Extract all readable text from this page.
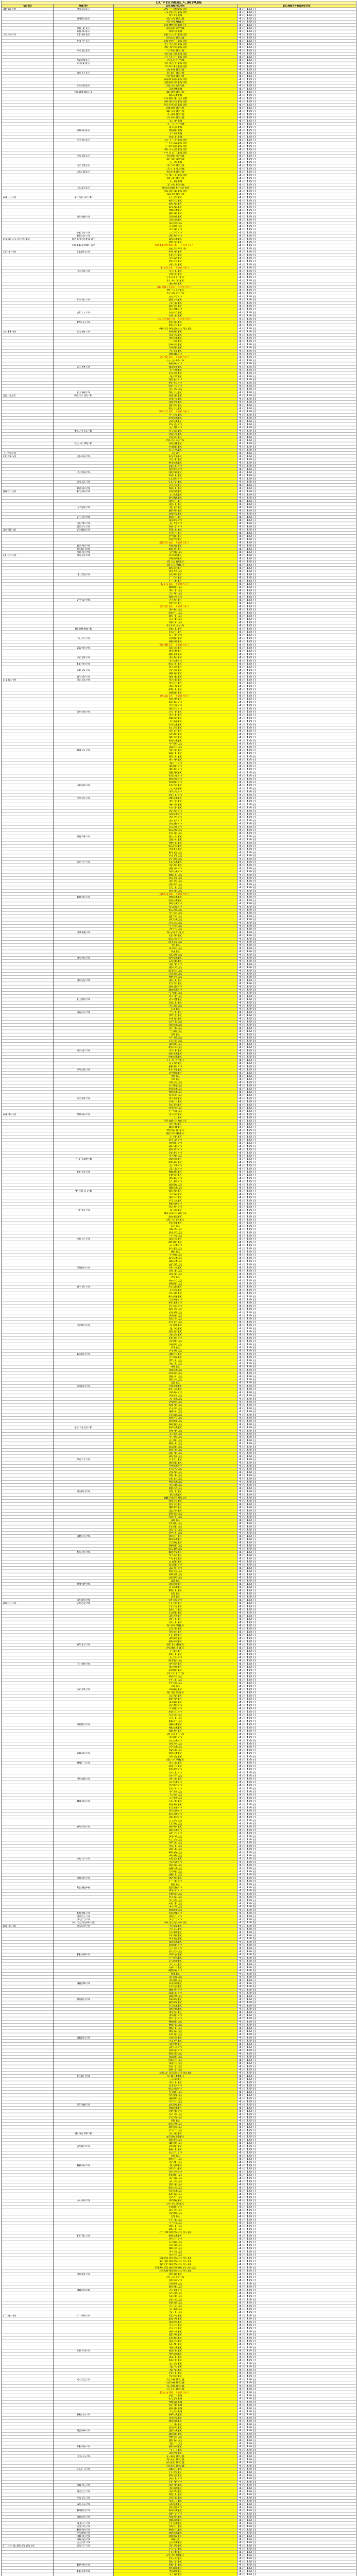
以下区域进入高风险			
省份	城市	区域名称	区域开始时间
北京市	海淀区	西三旗街道	4月18日
		马连洼街道	4月18日
		东升镇	4月18日
	朝阳区	安贞街道	4月18日
		常营地区	4月18日
		南磨房地区	4月18日
	顺义区	高丽营镇	4月18日
	通州区	梨园镇	4月18日
天津市	红桥区	邵公庄街道	4月18日
		西沽街道	4月18日
	和平区	南营门街道	4月18日
		五大道街道	4月18日
		劝业场街道	4月18日
	河北区	宁园街道	4月18日
		光复道街道	4月18日
		月牙河街道	4月18日
	静海区	大邱庄镇	4月18日
	东丽区	张贵庄街道	4月18日
		丰年村街道	4月18日
		金桥街道	4月18日
	南开区	长虹街道	4月18日
		学府街道	4月18日
		向阳路街道	4月18日
		嘉陵道街道	4月18日
	津南区	咸水沽镇	4月18日
		双港镇	4月18日
	滨海新区	新港街道	4月18日
		新城镇	4月18日
		中新生态城	4月18日
		胡家园街道	4月18日
		杭州道街道	4月18日
		海滨街道	4月18日
		新河街道	4月18日
		大港街道	4月18日
		古林街道	4月18日
		太平镇	4月18日
		小王庄镇	4月18日
		中塘镇	4月18日
	蓟州区	渔阳镇	4月18日
		下营镇	4月18日
		别山镇	4月18日
	河东区	大王庄街道	4月18日
		二号桥街道	4月18日
		上杭路街道	4月18日
		鲁山道街道	4月18日
		中山门街道	4月18日
	西青区	杨柳青镇	4月18日
		张家窝镇	4月18日
		大寺镇	4月18日
	宝坻区	宝平街道	4月18日
		大口屯镇	4月18日
	武清区	杨村街道	4月18日
		下朱庄街道	4月18日
		黄庄街道	4月18日
		大良镇	4月18日
		王庆坨镇	4月18日
	北辰区	果园新村街道	4月18日
		集贤里街道	4月18日
		瑞景街道	4月18日
河北省	石家庄市	长安区	4月18日
		桥西区	4月18日
		新华区	4月18日
		裕华区	4月18日
		藁城区	4月18日
		鹿泉区	4月18日
	承德市	双桥区	4月18日
		双滦区	4月18日
		承德县	4月18日
		兴隆县	4月18日
		平泉市	4月18日
	廊坊市	三河市	4月18日
	保定市	涿州市	4月18日
内蒙古自治区	呼和浩特市	新城区	4月18日
		赛罕区	4月18日
	锡林郭勒盟	锡林浩特市（部分）	4月18日
		二连浩特市	4月18日
辽宁省	沈阳市	和平区	4月18日
		沈河区	4月18日
		皇姑区	4月18日
		铁西区	4月18日
		浑南区	4月18日
		于洪区（部分）	4月18日
	大连市	中山区	4月18日
		西岗区	4月18日
		沙河口区	4月18日
		甘井子区	4月18日
		金州区	4月18日
		旅顺口区（部分）	4月18日
		普兰店区	4月18日
		瓦房店市	4月18日
		庄河市	4月18日
	丹东市	振兴区	4月18日
		元宝区	4月18日
		振安区	4月18日
		东港市	4月18日
	营口市	站前区	4月18日
		西市区	4月18日
		大石桥市（部分）	4月18日
	鞍山市	铁东区	4月18日
		铁西区	4月18日
		岫岩满族自治县	4月18日
吉林省	长春市	朝阳区	4月18日
		南关区	4月18日
		宽城区	4月18日
		二道区	4月18日
		绿园区	4月18日
		双阳区	4月18日
		九台区	4月18日
		德惠市	4月18日
		农安县（部分）	4月18日
		公主岭市	4月18日
		榆树市	4月18日
	吉林市	船营区	4月18日
		丰满区	4月18日
		昌邑区	4月18日
		龙潭区	4月18日
		磐石市	4月18日
		桦甸市	4月18日
		舒兰市	4月18日
		永吉县	4月18日
	白城市	洮北区	4月18日
黑龙江	哈尔滨市	道里区	4月18日
		南岗区	4月18日
		道外区	4月18日
		香坊区	4月18日
		松北区	4月18日
		呼兰区（部分）	4月18日
		平房区	4月18日
		阿城区	4月18日
		双城区	4月18日
		尚志市	4月18日
		五常市	4月18日
	牡丹江市	东安区	4月18日
		爱民区	4月18日
		西安区	4月18日
		绥芬河市	4月18日
	佳木斯市	前进区	4月18日
		向阳区	4月18日
		东风区	4月18日
上海市		全市	4月18日
江苏省	苏州市	姑苏区	4月18日
		吴中区	4月18日
		相城区	4月18日
		昆山市	4月18日
		常熟市	4月18日
	无锡市	梁溪区	4月18日
		锡山区	4月18日
		江阴市	4月18日
	南京市	江宁区	4月18日
		玄武区	4月18日
	徐州市	铜山区	4月18日
浙江省	杭州市	西湖区	4月18日
		上城区	4月18日
		拱墅区	4月18日
		滨江区	4月18日
		萧山区	4月18日
	宁波市	北仑区	4月18日
		鄞州区	4月18日
		镇海区	4月18日
	台州市	椒江区	4月18日
		温岭市	4月18日
	金华市	义乌市	4月18日
	嘉兴市	海宁市	4月18日
安徽省	合肥市	蜀山区	4月18日
		包河区	4月18日
		庐阳区	4月18日
		瑶海区	4月18日
		肥东县（部分）	4月18日
	宿州市	埇桥区	4月18日
	阜阳市	颍州区	4月18日
	滁州市	全椒县	4月18日
江西省	南昌市	东湖区	4月18日
		西湖区	4月18日
		青云谱区	4月18日
		青山湖区	4月18日
		新建区	4月18日
		南昌县	4月18日
	上饶市	信州区	4月18日
		广信区	4月18日
		广丰区	4月18日
		玉山县（部分）	4月18日
		鄱阳县	4月18日
		余干县	4月18日
		万年县	4月18日
		德兴市	4月18日
	吉安市	吉州区	4月18日
		青原区	4月18日
		吉安县（部分）	4月18日
		泰和县	4月18日
		峡江县	4月18日
		新干县	4月18日
		永丰县	4月18日
		遂川县	4月18日
		井冈山市	4月18日
	景德镇市	珠山区	4月18日
		昌江区	4月18日
		乐平市	4月18日
	九江市	浔阳区	4月18日
		濂溪区	4月18日
		柴桑区（部分）	4月18日
	赣州市	章贡区	4月18日
		南康区	4月18日
		赣县区	4月18日
	宜春市	袁州区	4月18日
		丰城市	4月18日
	抚州市	临川区	4月18日
		东乡区	4月18日
	萍乡市	安源区	4月18日
		湘东区	4月18日
	新余市	渝水区	4月18日
山东省	青岛市	市南区	4月18日
		市北区	4月18日
		李沧区	4月18日
		崂山区	4月18日
		城阳区	4月18日
		黄岛区（部分）	4月18日
		即墨区	4月18日
		胶州市	4月18日
		平度市	4月18日
		莱西市	4月18日
	济南市	历下区	4月18日
		市中区	4月18日
		槐荫区	4月18日
		天桥区	4月18日
		历城区	4月18日
		长清区	4月18日
		章丘区	4月18日
		济阳区	4月18日
		莱芜区	4月18日
		钢城区	4月18日
		平阴县	4月18日
		商河县	4月18日
	烟台市	芝罘区	4月18日
		福山区	4月18日
		莱山区	4月18日
		牟平区	4月18日
		龙口市	4月18日
		莱阳市	4月18日
		莱州市	4月18日
		蓬莱区	4月18日
		招远市	4月18日
		栖霞市	4月18日
		海阳市	4月18日
	威海市	环翠区	4月18日
		文登区	4月18日
		荣成市	4月18日
		乳山市	4月18日
	潍坊市	潍城区	4月18日
		奎文区	4月18日
		寒亭区	4月18日
		坊子区	4月18日
		青州市	4月18日
		诸城市	4月18日
		寿光市	4月18日
		安丘市	4月18日
		高密市	4月18日
		昌邑市	4月18日
		临朐县	4月18日
		昌乐县	4月18日
	淄博市	张店区	4月18日
		淄川区	4月18日
		博山区	4月18日
		临淄区	4月18日
		周村区	4月18日
		桓台县	4月18日
		高青县	4月18日
		沂源县	4月18日
	济宁市	任城区	4月18日
		兖州区	4月18日
		曲阜市	4月18日
		邹城市	4月18日
		微山县	4月18日
		鱼台县	4月18日
		金乡县	4月18日
		嘉祥县	4月18日
		汶上县	4月18日
		泗水县	4月18日
		梁山县（部分）	4月18日
	德州市	德城区	4月18日
		陵城区	4月18日
		禹城市	4月18日
		乐陵市	4月18日
		临邑县	4月18日
		平原县	4月18日
		夏津县	4月18日
		武城县	4月18日
		庆云县	4月18日
		宁津县	4月18日
		齐河县	4月18日
	聊城市	东昌府区	4月18日
		茌平区	4月18日
		临清市	4月18日
		阳谷县	4月18日
		莘县	4月18日
		东阿县	4月18日
		冠县	4月18日
		高唐县	4月18日
	滨州市	滨城区	4月18日
		沾化区	4月18日
		邹平市	4月18日
		惠民县	4月18日
		阳信县	4月18日
		无棣县	4月18日
		博兴县	4月18日
	泰安市	泰山区	4月18日
		岱岳区	4月18日
		新泰市	4月18日
		肥城市	4月18日
		宁阳县	4月18日
		东平县	4月18日
	日照市	东港区	4月18日
		岚山区	4月18日
		五莲县	4月18日
		莒县	4月18日
	临沂市	兰山区	4月18日
		罗庄区	4月18日
		河东区	4月18日
		沂南县	4月18日
		郯城县	4月18日
		沂水县	4月18日
		兰陵县	4月18日
		费县	4月18日
		平邑县	4月18日
		莒南县	4月18日
		蒙阴县	4月18日
		临沭县	4月18日
	枣庄市	市中区	4月18日
		薛城区	4月18日
		峄城区	4月18日
		台儿庄区	4月18日
		山亭区	4月18日
		滕州市	4月18日
	菏泽市	牡丹区	4月18日
		定陶区	4月18日
		曹县	4月18日
		单县	4月18日
		成武县	4月18日
		巨野县	4月18日
		郓城县	4月18日
		鄄城县	4月18日
		东明县	4月18日
	东营市	东营区	4月18日
		河口区	4月18日
		垦利区	4月18日
		利津县	4月18日
		广饶县	4月18日
河南省	郑州市	中原区	4月18日
		二七区	4月18日
		管城回族区	4月18日
		金水区	4月18日
		惠济区	4月18日
		郑东新区	4月18日
		航空港区	4月18日
		上街区	4月18日
		巩义市	4月18日
		荥阳市	4月18日
		新密市	4月18日
		新郑市	4月18日
		登封市	4月18日
		中牟县	4月18日
	三门峡市	湖滨区	4月18日
		陕州区	4月18日
		义马市	4月18日
		灵宝市	4月18日
	许昌市	魏都区	4月18日
		建安区	4月18日
		禹州市	4月18日
		长葛市	4月18日
		鄢陵县	4月18日
		襄城县	4月18日
	平顶山市	新华区	4月18日
		卫东区	4月18日
		湛河区	4月18日
		石龙区	4月18日
		舞钢市	4月18日
		汝州市	4月18日
	开封市	龙亭区	4月18日
		顺河回族区	4月18日
		鼓楼区	4月18日
		禹王台区	4月18日
		祥符区	4月18日
		杞县	4月18日
		通许县	4月18日
		尉氏县	4月18日
		兰考县	4月18日
	商丘市	梁园区	4月18日
		睢阳区	4月18日
		永城市	4月18日
		民权县	4月18日
		睢县	4月18日
		宁陵县	4月18日
		柘城县	4月18日
		虞城县	4月18日
		夏邑县	4月18日
	濮阳市	华龙区	4月18日
		清丰县	4月18日
		南乐县	4月18日
		范县	4月18日
		台前县	4月18日
		濮阳县	4月18日
	新乡市	红旗区	4月18日
		卫滨区	4月18日
		凤泉区	4月18日
		牧野区	4月18日
		卫辉市	4月18日
		辉县市	4月18日
		长垣市	4月18日
		新乡县	4月18日
		获嘉县	4月18日
		原阳县	4月18日
		延津县	4月18日
		封丘县	4月18日
	安阳市	文峰区	4月18日
		北关区	4月18日
		殷都区	4月18日
		龙安区	4月18日
		林州市	4月18日
		安阳县	4月18日
		汤阴县	4月18日
		滑县	4月18日
		内黄县	4月18日
	信阳市	浉河区	4月18日
		平桥区	4月18日
		罗山县	4月18日
		光山县	4月18日
		新县	4月18日
		商城县	4月18日
		固始县	4月18日
		潢川县	4月18日
		淮滨县	4月18日
		息县	4月18日
	南阳市	宛城区	4月18日
		卧龙区	4月18日
		邓州市	4月18日
		南召县	4月18日
		方城县	4月18日
		西峡县	4月18日
		镇平县	4月18日
		内乡县	4月18日
		淅川县	4月18日
		社旗县	4月18日
		唐河县	4月18日
		新野县	4月18日
		桐柏县	4月18日
	驻马店市	驿城区	4月18日
		西平县	4月18日
		上蔡县	4月18日
		平舆县	4月18日
		正阳县	4月18日
		确山县	4月18日
		泌阳县	4月18日
		汝南县	4月18日
		遂平县	4月18日
		新蔡县	4月18日
	周口市	川汇区	4月18日
		淮阳区	4月18日
		项城市	4月18日
		扶沟县	4月18日
		西华县	4月18日
		商水县	4月18日
		沈丘县	4月18日
		郸城县	4月18日
		太康县	4月18日
		鹿邑县	4月18日
	洛阳市	西工区	4月18日
		老城区	4月18日
		瀍河回族区	4月18日
		涧西区	4月18日
		洛龙区	4月18日
		偃师区	4月18日
		孟津区	4月18日
		新安县	4月18日
		栾川县	4月18日
		嵩县	4月18日
		汝阳县	4月18日
		宜阳县	4月18日
		洛宁县	4月18日
		伊川县	4月18日
	漯河市	源汇区	4月18日
		郾城区	4月18日
		召陵区	4月18日
		舞阳县	4月18日
		临颍县	4月18日
	焦作市	解放区	4月18日
		中站区	4月18日
		马村区	4月18日
		山阳区	4月18日
		沁阳市	4月18日
		孟州市	4月18日
		修武县	4月18日
		博爱县	4月18日
		武陟县	4月18日
		温县	4月18日
	鹤壁市	淇滨区	4月18日
		山城区	4月18日
		鹤山区	4月18日
		浚县	4月18日
		淇县	4月18日
	济源市	济源市	4月18日
湖北省	武汉市	江岸区	4月18日
		江汉区	4月18日
		硚口区	4月18日
		汉阳区	4月18日
		武昌区	4月18日
		青山区	4月18日
		洪山区	4月18日
		东西湖区	4月18日
		汉南区	4月18日
		蔡甸区	4月18日
		江夏区	4月18日
		黄陂区	4月18日
		新洲区	4月18日
	黄石市	黄石港区	4月18日
		西塞山区	4月18日
		下陆区	4月18日
		铁山区	4月18日
		大冶市	4月18日
		阳新县	4月18日
	十堰市	茅箭区	4月18日
		张湾区	4月18日
		郧阳区	4月18日
		丹江口市	4月18日
		郧西县	4月18日
		竹山县	4月18日
		竹溪县	4月18日
		房县	4月18日
	宜昌市	西陵区	4月18日
		伍家岗区	4月18日
		点军区	4月18日
		猇亭区	4月18日
		夷陵区	4月18日
		宜都市	4月18日
		当阳市	4月18日
		枝江市	4月18日
		远安县	4月18日
		兴山县	4月18日
		秭归县	4月18日
	襄阳市	襄城区	4月18日
		樊城区	4月18日
		襄州区	4月18日
		老河口市	4月18日
		枣阳市	4月18日
		宜城市	4月18日
		南漳县	4月18日
		谷城县	4月18日
		保康县	4月18日
	鄂州市	鄂城区	4月18日
		华容区	4月18日
		梁子湖区	4月18日
	荆门市	东宝区	4月18日
		掇刀区	4月18日
		钟祥市	4月18日
		京山市	4月18日
		沙洋县	4月18日
	孝感市	孝南区	4月18日
		应城市	4月18日
		安陆市	4月18日
		汉川市	4月18日
		孝昌县	4月18日
		大悟县	4月18日
		云梦县	4月18日
	荆州市	沙市区	4月18日
		荆州区	4月18日
		石首市	4月18日
		洪湖市	4月18日
		松滋市	4月18日
		监利市	4月18日
		公安县	4月18日
		江陵县	4月18日
	黄冈市	黄州区	4月18日
		麻城市	4月18日
		武穴市	4月18日
		团风县	4月18日
		红安县	4月18日
		罗田县	4月18日
		英山县	4月18日
		浠水县	4月18日
		蕲春县	4月18日
		黄梅县	4月18日
	咸宁市	咸安区	4月18日
		赤壁市	4月18日
		嘉鱼县	4月18日
		通城县	4月18日
		崇阳县	4月18日
		通山县	4月18日
	随州市	曾都区	4月18日
		广水市	4月18日
		随县	4月18日
	恩施州	恩施市	4月18日
		利川市	4月18日
		建始县	4月18日
		巴东县	4月18日
		宣恩县	4月18日
		咸丰县	4月18日
		来凤县	4月18日
		鹤峰县	4月18日
	仙桃市	仙桃市	4月18日
	潜江市	潜江市	4月18日
	天门市	天门市	4月18日
	神农架林区	神农架林区	4月18日
湖南省	长沙市	芙蓉区	4月18日
		天心区	4月18日
		岳麓区	4月18日
		开福区	4月18日
		雨花区	4月18日
		望城区	4月18日
		浏阳市	4月18日
		宁乡市	4月18日
		长沙县	4月18日
	株洲市	荷塘区	4月18日
		芦淞区	4月18日
		石峰区	4月18日
		天元区	4月18日
		渌口区	4月18日
		醴陵市	4月18日
		攸县	4月18日
		茶陵县	4月18日
		炎陵县	4月18日
	湘潭市	雨湖区	4月18日
		岳塘区	4月18日
		湘乡市	4月18日
		韶山市	4月18日
		湘潭县	4月18日
	衡阳市	珠晖区	4月18日
		雁峰区	4月18日
		石鼓区	4月18日
		蒸湘区	4月18日
		南岳区	4月18日
		耒阳市	4月18日
		常宁市	4月18日
		衡阳县	4月18日
		衡南县	4月18日
		衡山县	4月18日
		衡东县	4月18日
		祁东县	4月18日
	邵阳市	双清区	4月18日
		大祥区	4月18日
		北塔区	4月18日
		武冈市	4月18日
		邵东市	4月18日
		新邵县	4月18日
		邵阳县	4月18日
		隆回县	4月18日
		洞口县	4月18日
		绥宁县	4月18日
		新宁县	4月18日
		城步苗族自治县	4月18日
	岳阳市	岳阳楼区	4月18日
		云溪区	4月18日
		君山区	4月18日
		汨罗市	4月18日
		临湘市	4月18日
		岳阳县	4月18日
		华容县	4月18日
		湘阴县	4月18日
		平江县	4月18日
	常德市	武陵区	4月18日
		鼎城区	4月18日
		津市市	4月18日
		安乡县	4月18日
		汉寿县	4月18日
		澧县	4月18日
		临澧县	4月18日
		桃源县	4月18日
		石门县	4月18日
	张家界市	永定区	4月18日
		武陵源区	4月18日
		慈利县	4月18日
		桑植县	4月18日
	益阳市	资阳区	4月18日
		赫山区	4月18日
		沅江市	4月18日
		南县	4月18日
		桃江县	4月18日
		安化县	4月18日
	郴州市	北湖区	4月18日
		苏仙区	4月18日
		资兴市	4月18日
		桂阳县	4月18日
		宜章县	4月18日
		永兴县	4月18日
		嘉禾县	4月18日
		临武县	4月18日
		汝城县	4月18日
		桂东县	4月18日
		安仁县	4月18日
	永州市	零陵区	4月18日
		冷水滩区	4月18日
		祁阳市	4月18日
		东安县	4月18日
		双牌县	4月18日
		道县	4月18日
		江永县	4月18日
		宁远县	4月18日
		蓝山县	4月18日
		新田县	4月18日
		江华瑶族自治县	4月18日
	怀化市	鹤城区	4月18日
		洪江市	4月18日
		沅陵县	4月18日
		辰溪县	4月18日
		溆浦县	4月18日
		中方县	4月18日
		会同县	4月18日
		麻阳苗族自治县	4月18日
		新晃侗族自治县	4月18日
		芷江侗族自治县	4月18日
		靖州苗族侗族自治县	4月18日
		通道侗族自治县	4月18日
	娄底市	娄星区	4月18日
		冷水江市	4月18日
		涟源市	4月18日
		双峰县	4月18日
		新化县	4月18日
	湘西州	吉首市	4月18日
		泸溪县	4月18日
		凤凰县	4月18日
		花垣县	4月18日
		保靖县	4月18日
		古丈县	4月18日
		永顺县	4月18日
		龙山县	4月18日
广东省	广州市	荔湾区	4月18日
		越秀区	4月18日
		海珠区	4月18日
		天河区	4月18日
		白云区	4月18日
		黄埔区	4月18日
		番禺区	4月18日
		花都区	4月18日
		南沙区	4月18日
		从化区	4月18日
		增城区	4月18日
	深圳市	福田区	4月18日
		罗湖区	4月18日
		南山区	4月18日
		盐田区	4月18日
		宝安区	4月18日
		龙岗区	4月18日
		龙华区	4月18日
		坪山区	4月18日
		光明区	4月18日
	东莞市	莞城街道	4月18日
		南城街道	4月18日
		东城街道	4月18日
		万江街道	4月18日
		松山湖（部分）	4月18日
		虎门镇	4月18日
		长安镇	4月18日
		塘厦镇	4月18日
		常平镇	4月18日
		寮步镇	4月18日
		大朗镇	4月18日
	佛山市	禅城区	4月18日
		南海区	4月18日
		顺德区	4月18日
		三水区	4月18日
		高明区	4月18日
	惠州市	惠城区	4月18日
		惠阳区	4月18日
		博罗县	4月18日
		惠东县	4月18日
		龙门县	4月18日
	珠海市	香洲区	4月18日
		斗门区	4月18日
		金湾区	4月18日
	中山市	石岐街道	4月18日
		东区街道	4月18日
		西区街道	4月18日
		南区街道	4月18日
	江门市	蓬江区	4月18日
		江海区	4月18日
		新会区	4月18日
		台山市	4月18日
		开平市	4月18日
	汕头市	金平区	4月18日
		龙湖区	4月18日
	湛江市	赤坎区	4月18日
		霞山区	4月18日
	茂名市	茂南区	4月18日
		电白区	4月18日
	清远市	清城区	4月18日
		英德市	4月18日
	揭阳市	榕城区	4月18日
		普宁市	4月18日
	肇庆市	端州区	4月18日
		鼎湖区	4月18日
	阳江市	江城区	4月18日
	韶关市	浈江区	4月18日
	梅州市	梅江区	4月18日
	河源市	源城区	4月18日
	潮州市	湘桥区	4月18日
	汕尾市	城区	4月18日
	云浮市	云城区	4月18日
广西壮族自治区	南宁市	青秀区	4月18日
		兴宁区	4月18日
		江南区	4月18日
		西乡塘区	4月18日
		良庆区	4月18日
		邕宁区	4月18日
	柳州市	城中区	4月18日
		鱼峰区	4月18日
	桂林市	秀峰区	4月18日
		七星区	4月18日
